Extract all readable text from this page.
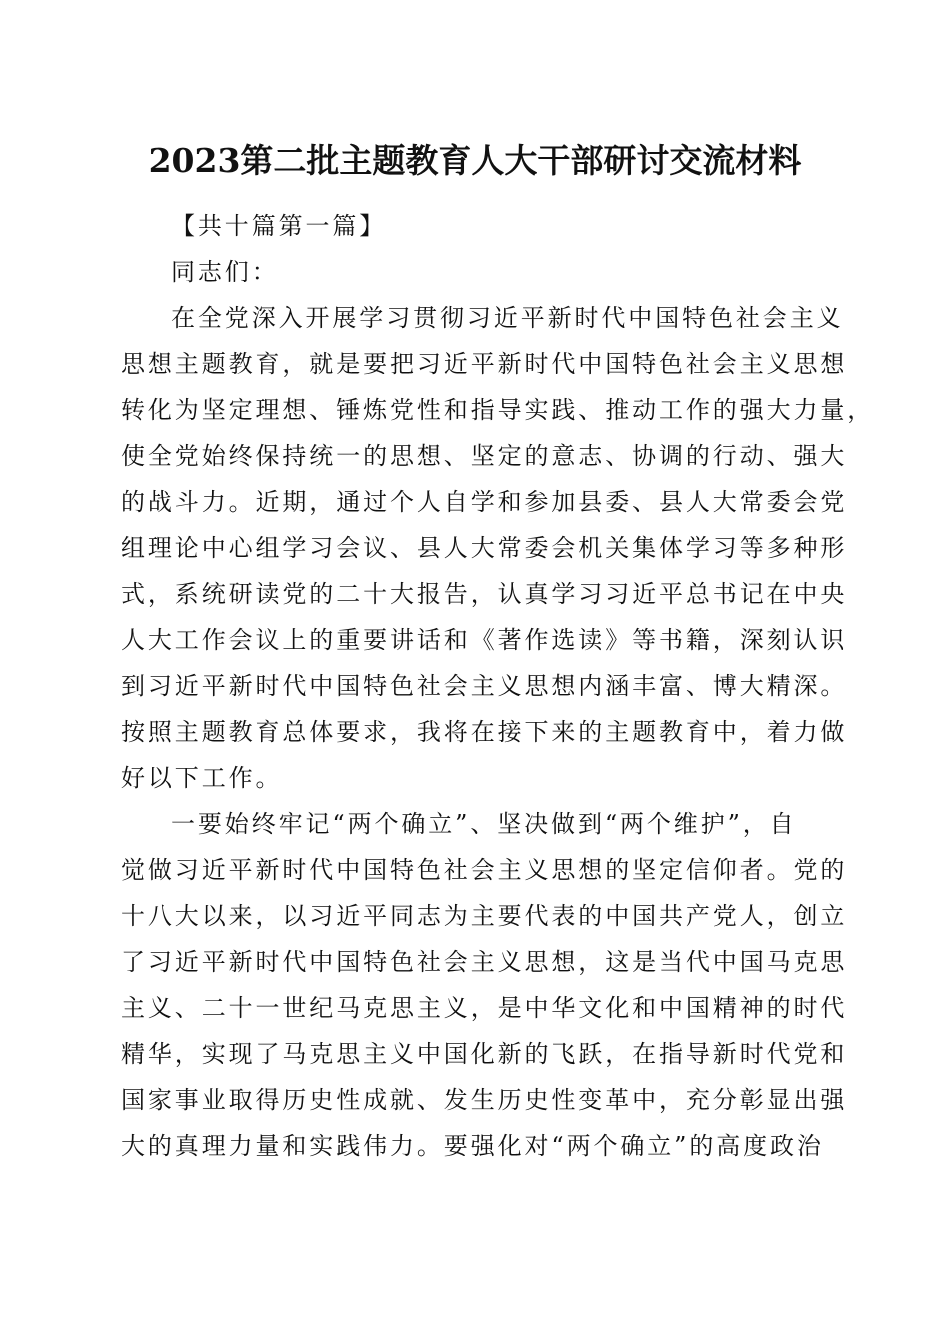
2023第二批主题教育人大干部研讨交流材料
【共十篇第一篇】
同志们：
在全党深入开展学习贯彻习近平新时代中国特色社会主义
思想主题教育，就是要把习近平新时代中国特色社会主义思想
转化为坚定理想、锤炼党性和指导实践、推动工作的强大力量，
使全党始终保持统一的思想、坚定的意志、协调的行动、强大
的战斗力。近期，通过个人自学和参加县委、县人大常委会党
组理论中心组学习会议、县人大常委会机关集体学习等多种形
式，系统研读党的二十大报告，认真学习习近平总书记在中央
人大工作会议上的重要讲话和《著作选读》等书籍，深刻认识
到习近平新时代中国特色社会主义思想内涵丰富、博大精深。
按照主题教育总体要求，我将在接下来的主题教育中，着力做
好以下工作。
一要始终牢记“两个确立”、坚决做到“两个维护”，自
觉做习近平新时代中国特色社会主义思想的坚定信仰者。党的
十八大以来，以习近平同志为主要代表的中国共产党人，创立
了习近平新时代中国特色社会主义思想，这是当代中国马克思
主义、二十一世纪马克思主义，是中华文化和中国精神的时代
精华，实现了马克思主义中国化新的飞跃，在指导新时代党和
国家事业取得历史性成就、发生历史性变革中，充分彰显出强
大的真理力量和实践伟力。要强化对“两个确立”的高度政治
